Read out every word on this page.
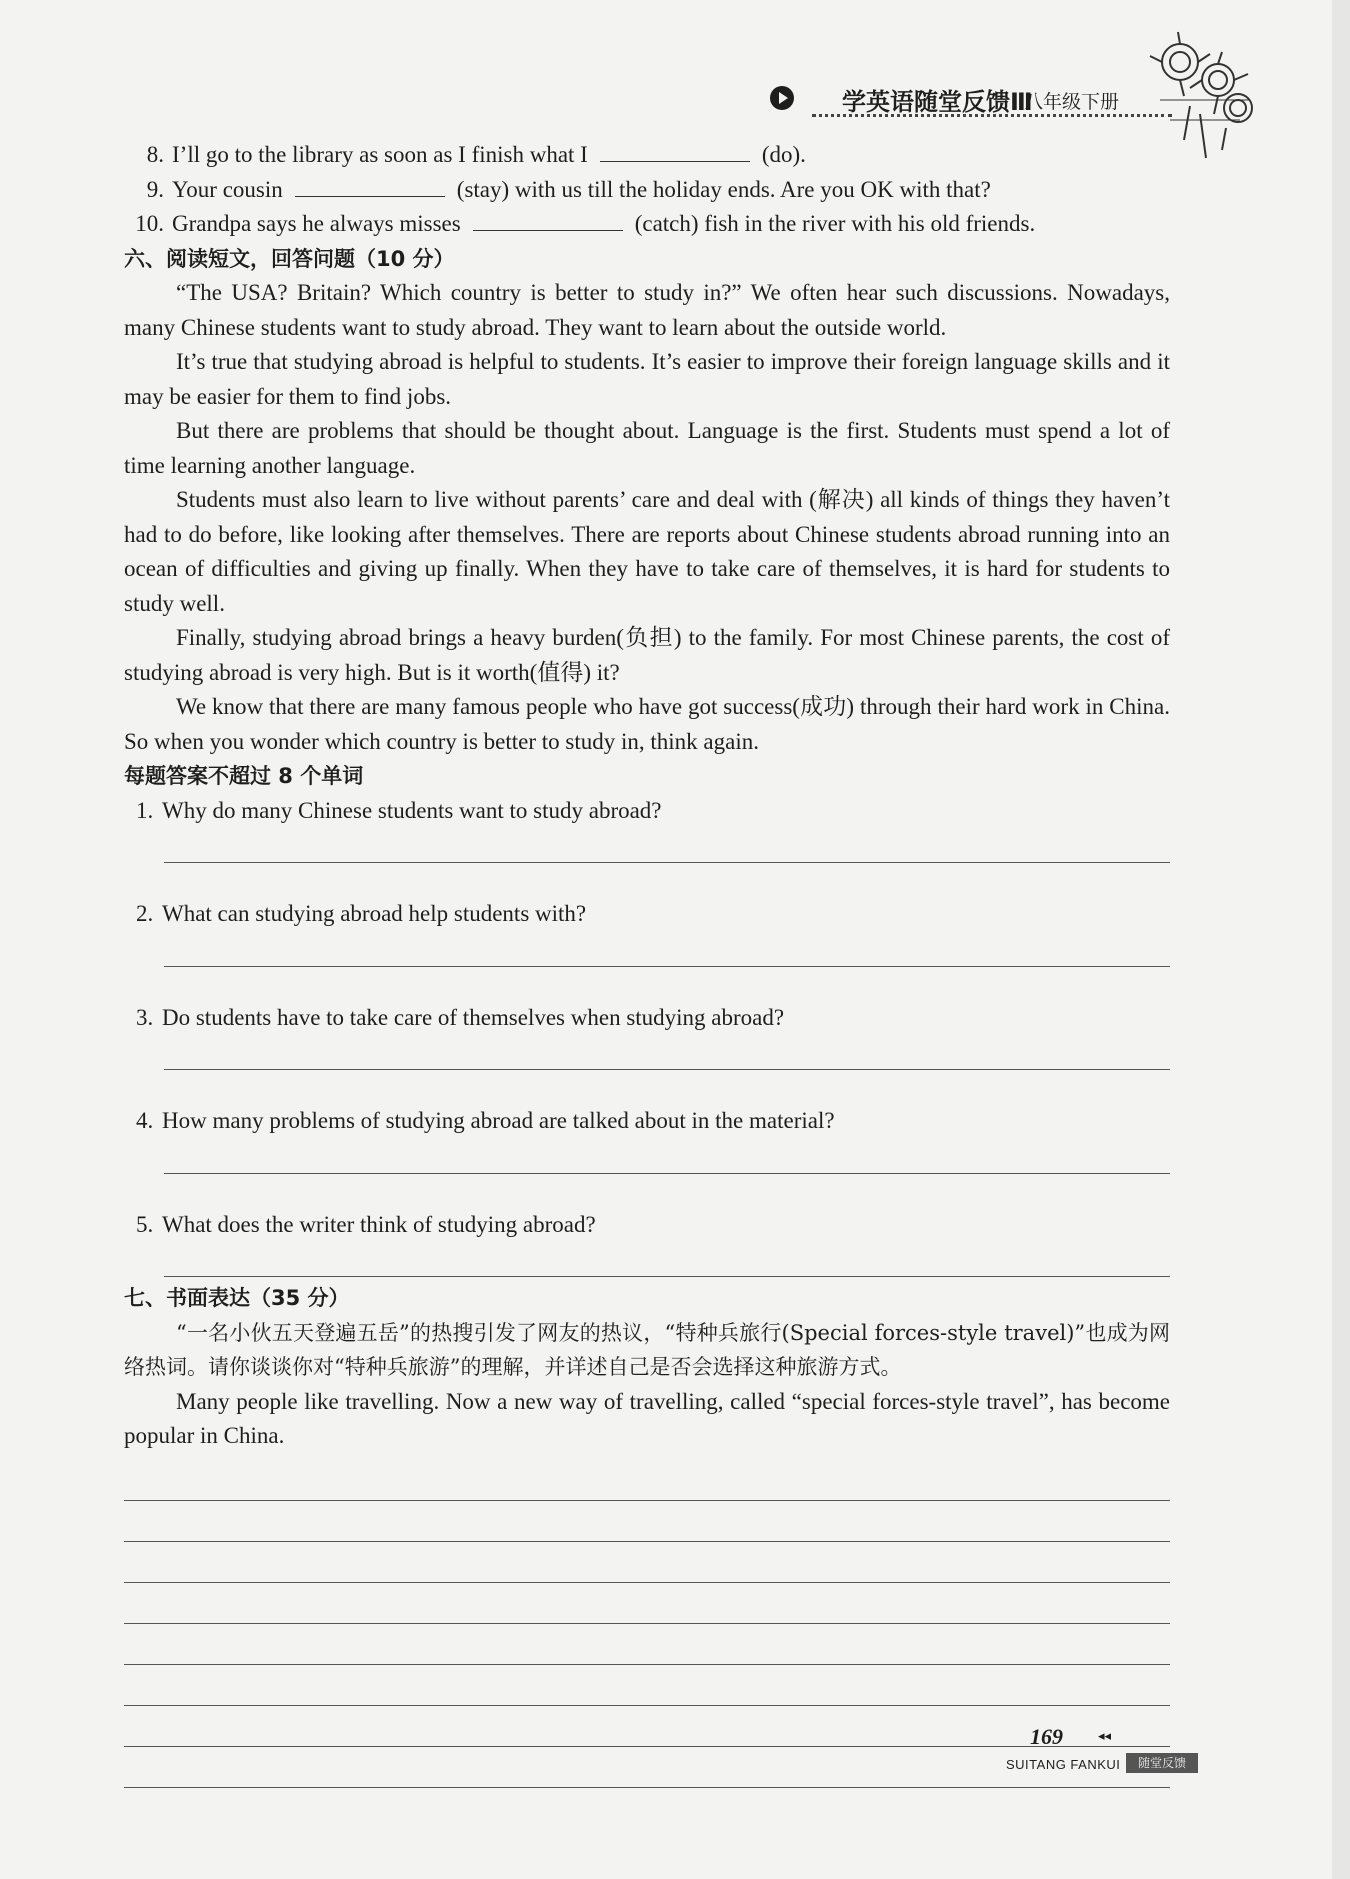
学英语随堂反馈Ⅲ
八年级下册
8. I’ll go to the library as soon as I finish what I	(do).
9. Your cousin	(stay) with us till the holiday ends. Are you OK with that?
10. Grandpa says he always misses	(catch) fish in the river with his old friends.
六、阅读短文，回答问题（10 分）

“The USA? Britain? Which country is better to study in?” We often hear such discussions. Nowadays, many Chinese students want to study abroad. They want to learn about the outside world.

It’s true that studying abroad is helpful to students. It’s easier to improve their foreign language skills and it may be easier for them to find jobs.

But there are problems that should be thought about. Language is the first. Students must spend a lot of time learning another language.

Students must also learn to live without parents’ care and deal with (解决) all kinds of things they haven’t had to do before, like looking after themselves. There are reports about Chinese students abroad running into an ocean of difficulties and giving up finally. When they have to take care of themselves, it is hard for students to study well.

Finally, studying abroad brings a heavy burden(负担) to the family. For most Chinese parents, the cost of studying abroad is very high. But is it worth(值得) it?

We know that there are many famous people who have got success(成功) through their hard work in China. So when you wonder which country is better to study in, think again.

每题答案不超过 8 个单词
1. Why do many Chinese students want to study abroad?
2. What can studying abroad help students with?
3. Do students have to take care of themselves when studying abroad?
4. How many problems of studying abroad are talked about in the material?
5. What does the writer think of studying abroad?
七、书面表达（35 分）

“一名小伙五天登遍五岳”的热搜引发了网友的热议，“特种兵旅行(Special forces-style travel)”也成为网络热词。请你谈谈你对“特种兵旅游”的理解，并详述自己是否会选择这种旅游方式。

Many people like travelling. Now a new way of travelling, called “special forces-style travel”, has become popular in China.

169	◂◂
SUITANG FANKUI	随堂反馈
